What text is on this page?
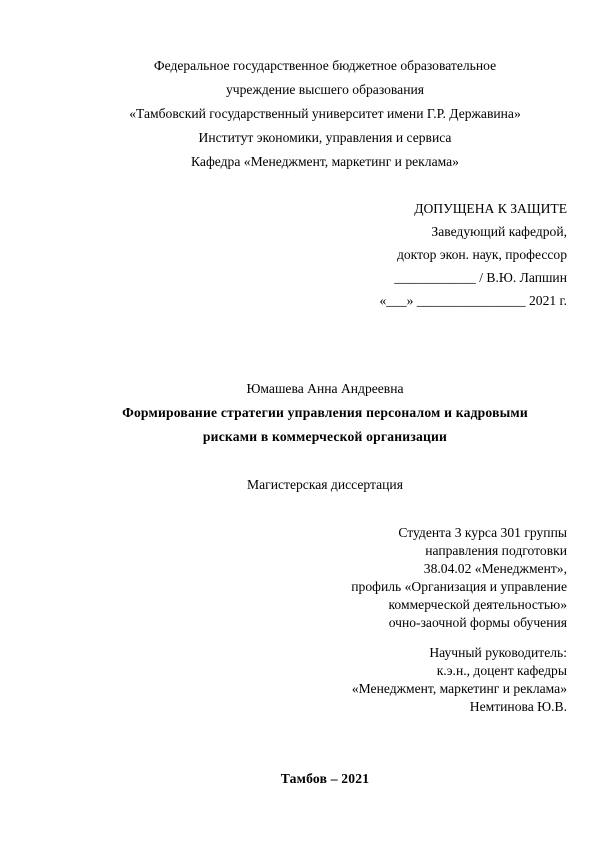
Федеральное государственное бюджетное образовательное
учреждение высшего образования
«Тамбовский государственный университет имени Г.Р. Державина»
Институт экономики, управления и сервиса
Кафедра «Менеджмент, маркетинг и реклама»
ДОПУЩЕНА К ЗАЩИТЕ
Заведующий кафедрой,
доктор экон. наук, профессор
____________ / В.Ю. Лапшин
«___» ________________ 2021 г.
Юмашева Анна Андреевна
Формирование стратегии управления персоналом и кадровыми
рисками в коммерческой организации
Магистерская диссертация
Студента 3 курса 301 группы
направления подготовки
38.04.02 «Менеджмент»,
профиль «Организация и управление
коммерческой деятельностью»
очно-заочной формы обучения
Научный руководитель:
к.э.н., доцент кафедры
«Менеджмент, маркетинг и реклама»
Немтинова Ю.В.
Тамбов – 2021
